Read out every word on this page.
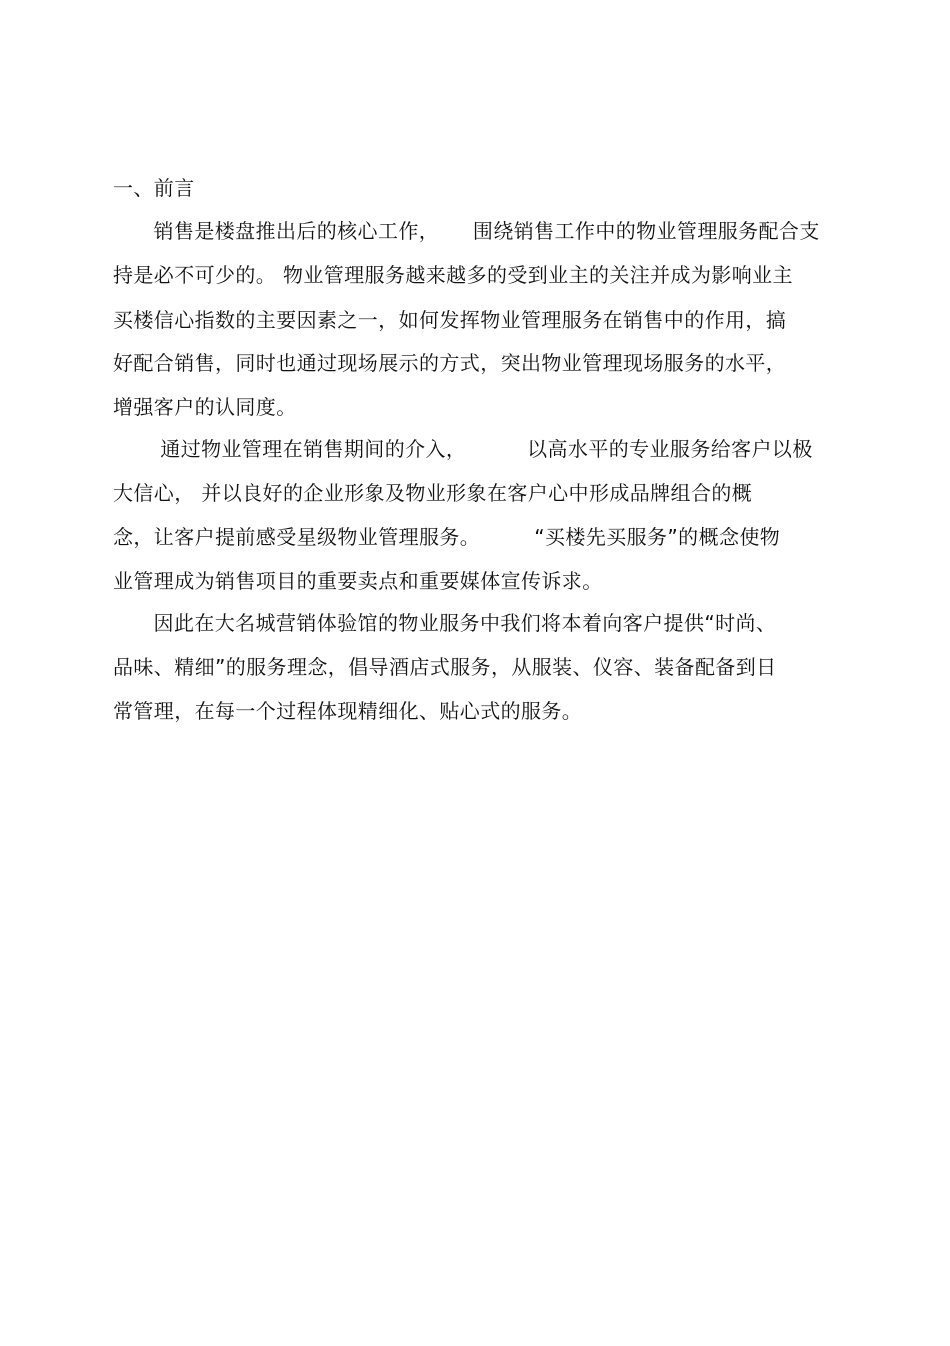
一、前言
销售是楼盘推出后的核心工作，     围绕销售工作中的物业管理服务配合支
持是必不可少的。 物业管理服务越来越多的受到业主的关注并成为影响业主
买楼信心指数的主要因素之一，如何发挥物业管理服务在销售中的作用，搞
好配合销售，同时也通过现场展示的方式，突出物业管理现场服务的水平，
增强客户的认同度。
通过物业管理在销售期间的介入，         以高水平的专业服务给客户以极
大信心， 并以良好的企业形象及物业形象在客户心中形成品牌组合的概
念，让客户提前感受星级物业管理服务。        “买楼先买服务”的概念使物
业管理成为销售项目的重要卖点和重要媒体宣传诉求。
因此在大名城营销体验馆的物业服务中我们将本着向客户提供“时尚、
品味、精细”的服务理念，倡导酒店式服务，从服装、仪容、装备配备到日
常管理，在每一个过程体现精细化、贴心式的服务。
